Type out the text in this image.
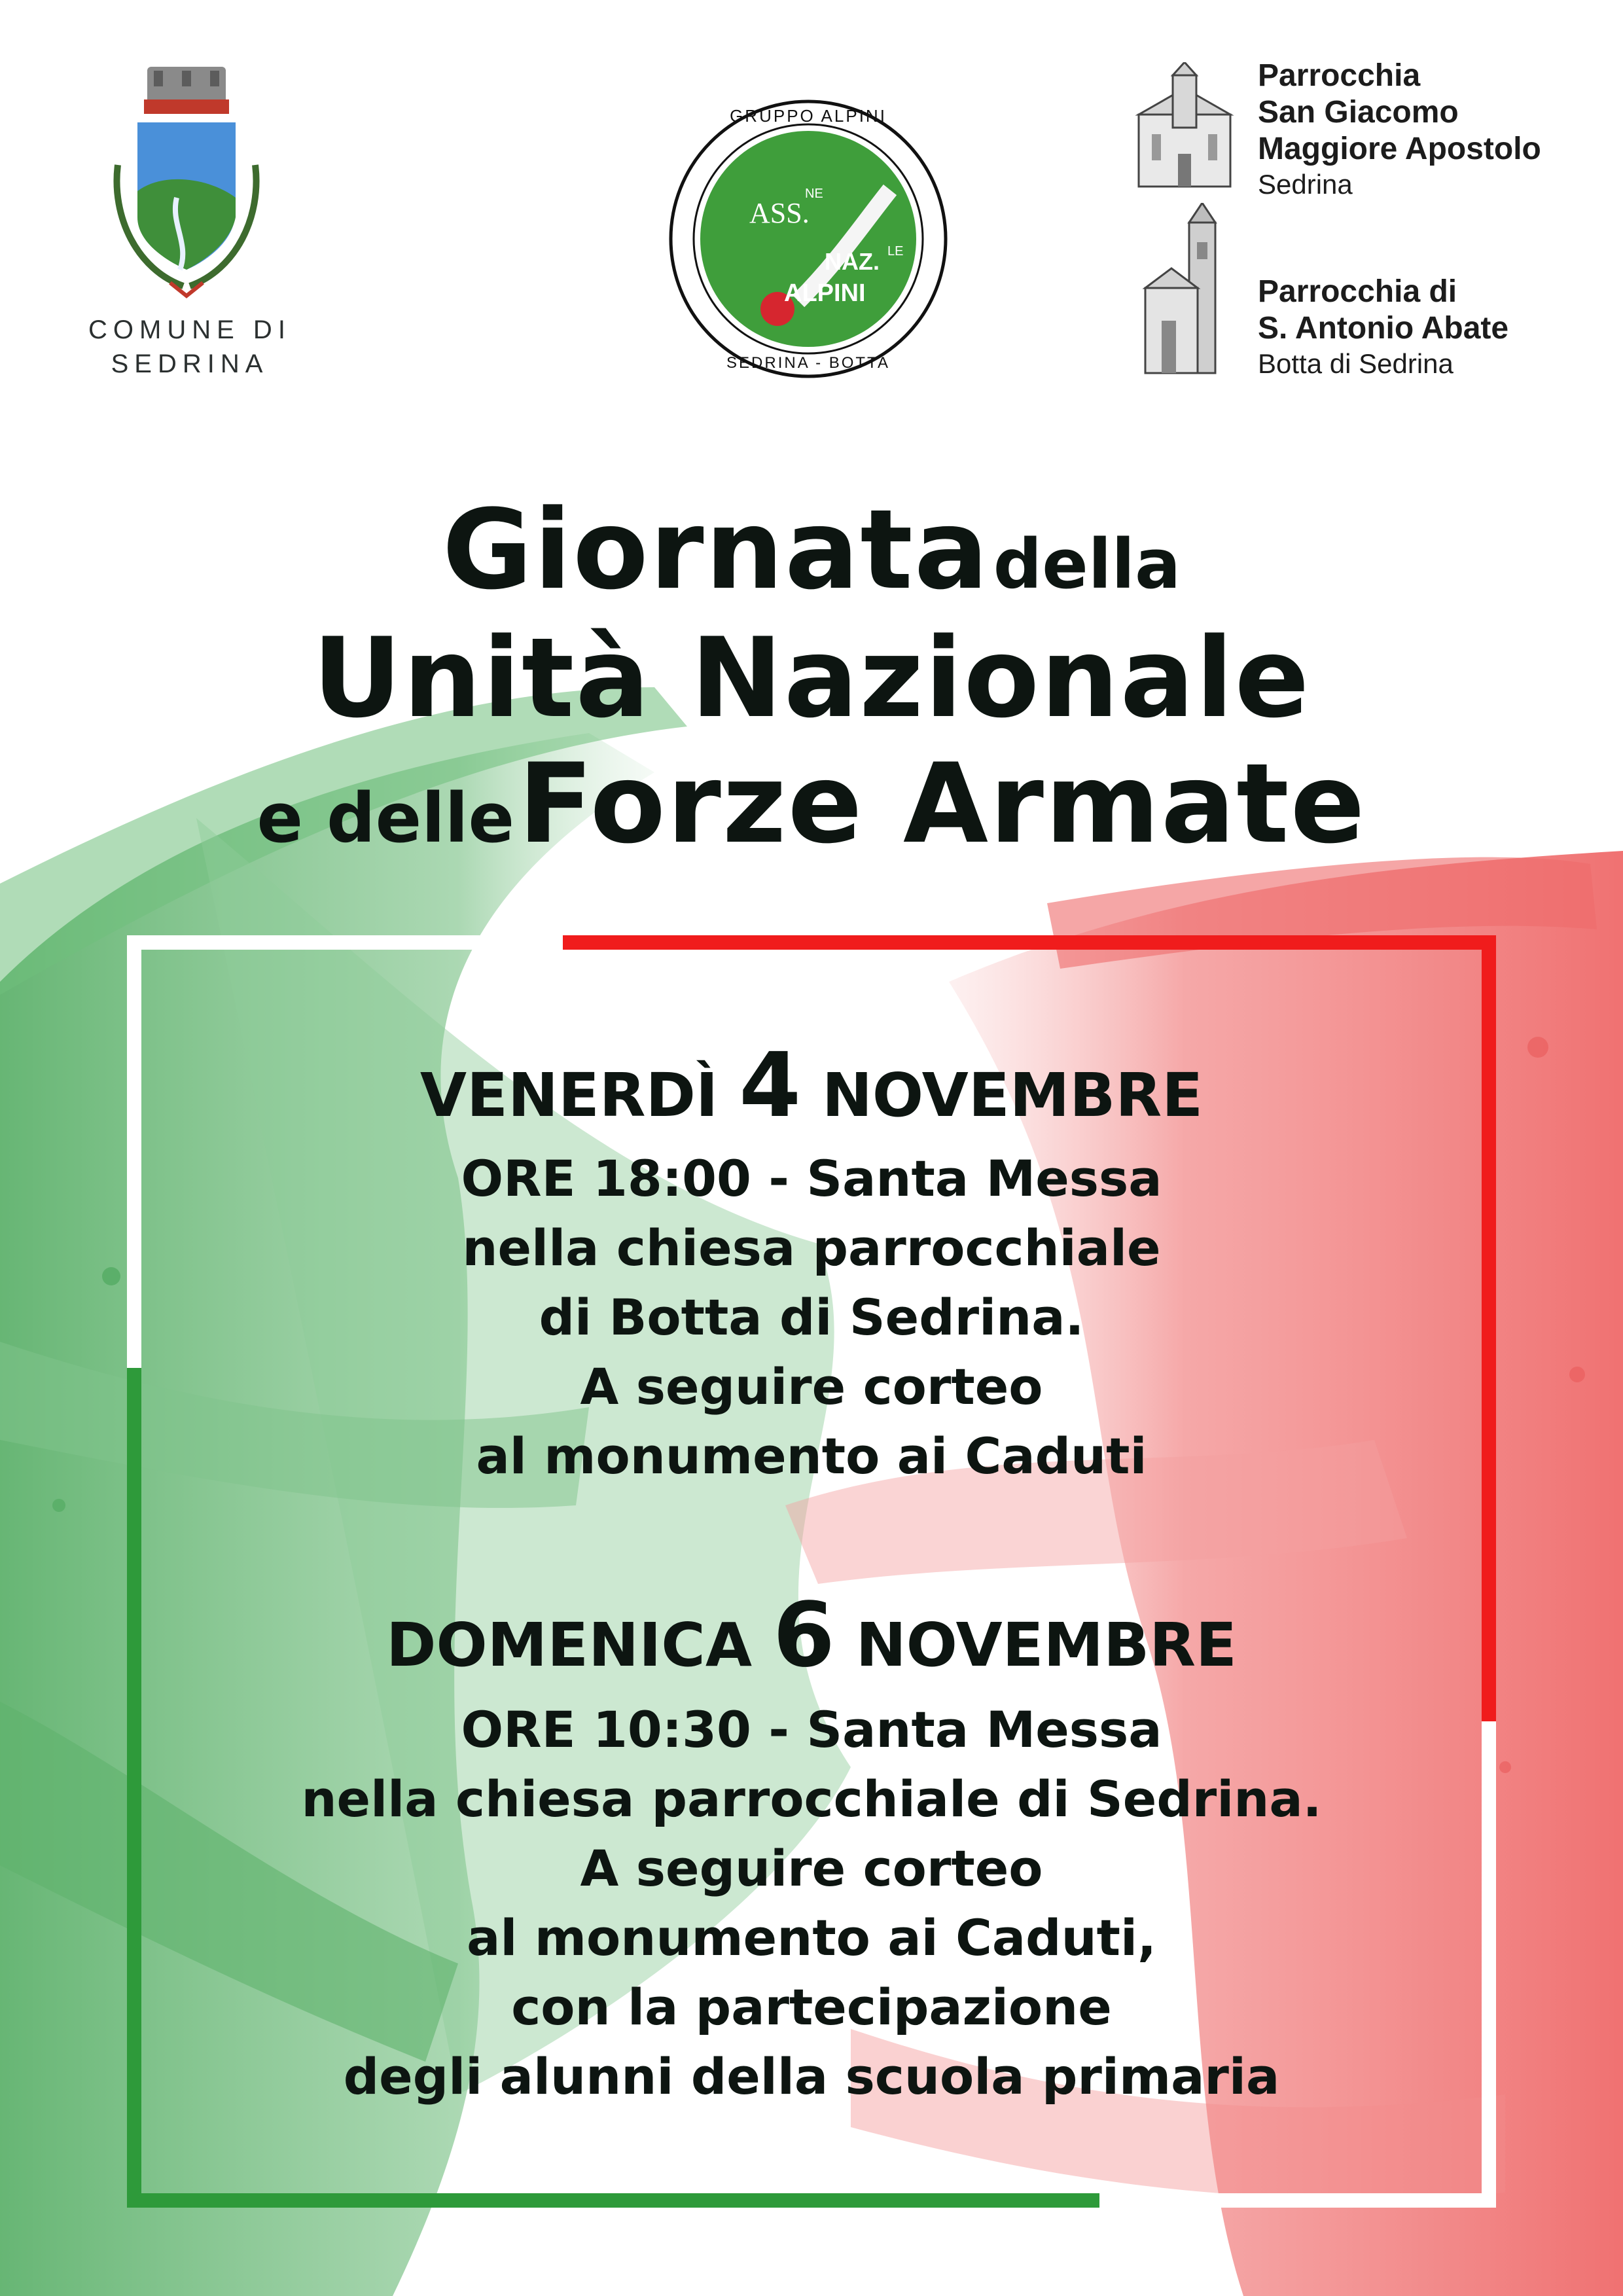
COMUNE DI
SEDRINA
ASS.
NE
NAZ. LE
ALPINI
GRUPPO ALPINI
SEDRINA - BOTTA
Parrocchia
San Giacomo
Maggiore Apostolo
Sedrina
Parrocchia di
S. Antonio Abate
Botta di Sedrina
Giornata della
Unità Nazionale
e delle Forze Armate
VENERDÌ 4 NOVEMBRE
ORE 18:00 - Santa Messa
nella chiesa parrocchiale
di Botta di Sedrina.
A seguire corteo
al monumento ai Caduti
DOMENICA 6 NOVEMBRE
ORE 10:30 - Santa Messa
nella chiesa parrocchiale di Sedrina.
A seguire corteo
al monumento ai Caduti,
con la partecipazione
degli alunni della scuola primaria
